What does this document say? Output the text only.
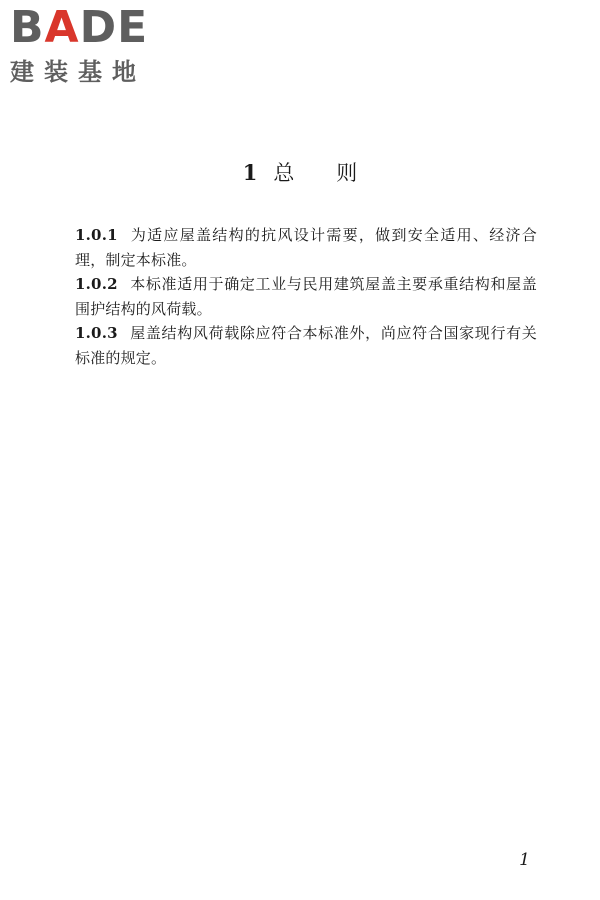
BADE
建装基地
1 总则

1.0.1 为适应屋盖结构的抗风设计需要，做到安全适用、经济合理，制定本标准。

1.0.2 本标准适用于确定工业与民用建筑屋盖主要承重结构和屋盖围护结构的风荷载。

1.0.3 屋盖结构风荷载除应符合本标准外，尚应符合国家现行有关标准的规定。

1
